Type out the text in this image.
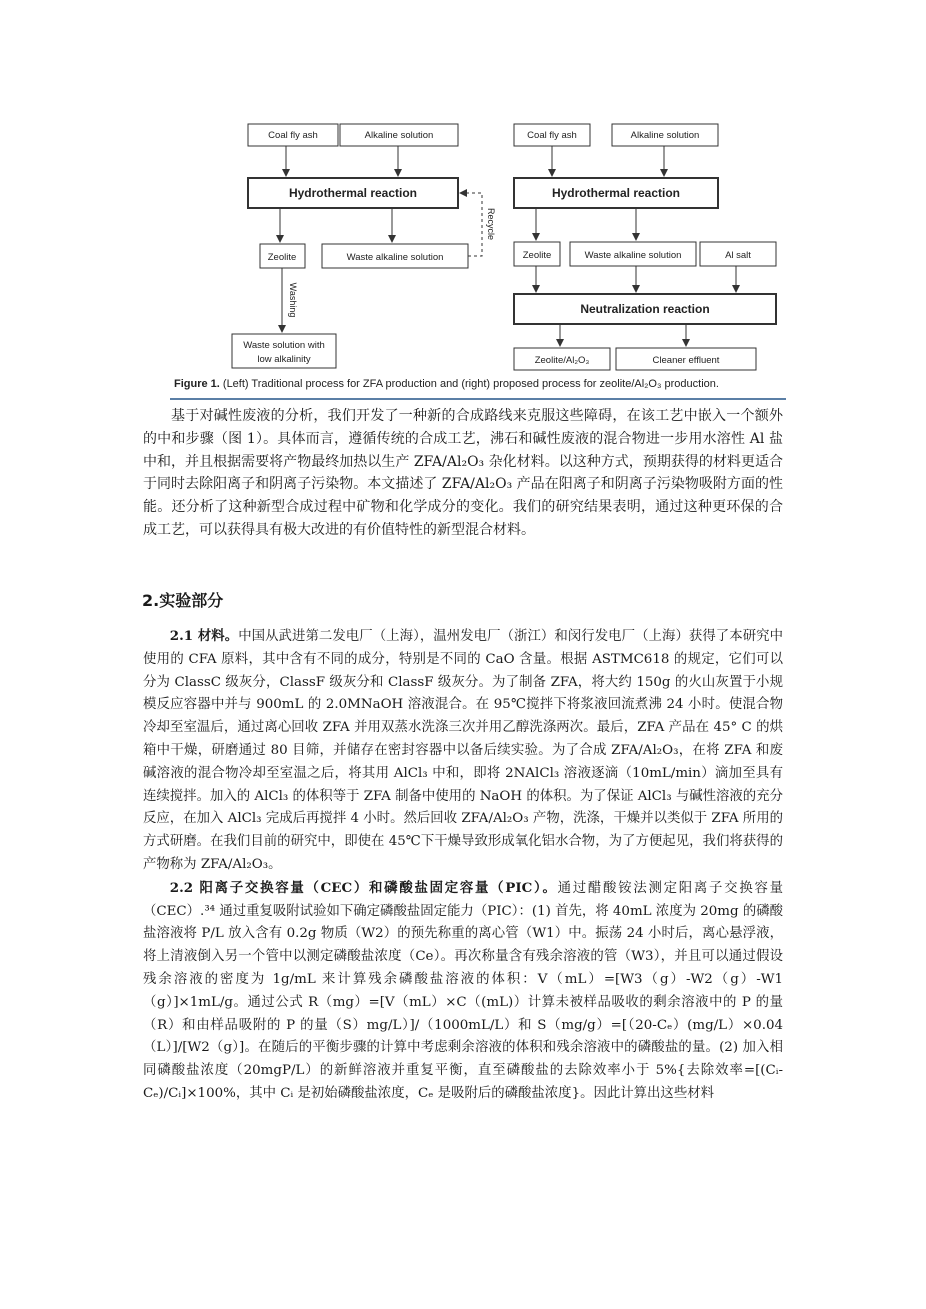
Coal fly ash	Alkaline solution
Hydrothermal reaction
Zeolite	Waste alkaline solution
Waste solution with
low alkalinity
Recycle
Washing
Coal fly ash	Alkaline solution
Hydrothermal reaction
Zeolite	Waste alkaline solution	Al salt
Neutralization reaction
Zeolite/Al₂O₃	Cleaner effluent
Figure 1. (Left) Traditional process for ZFA production and (right) proposed process for zeolite/Al₂O₃ production.

基于对碱性废液的分析，我们开发了一种新的合成路线来克服这些障碍，在该工艺中嵌入一个额外的中和步骤（图 1）。具体而言，遵循传统的合成工艺，沸石和碱性废液的混合物进一步用水溶性 Al 盐中和，并且根据需要将产物最终加热以生产 ZFA/Al₂O₃ 杂化材料。以这种方式，预期获得的材料更适合于同时去除阳离子和阴离子污染物。本文描述了 ZFA/Al₂O₃ 产品在阳离子和阴离子污染物吸附方面的性能。还分析了这种新型合成过程中矿物和化学成分的变化。我们的研究结果表明，通过这种更环保的合成工艺，可以获得具有极大改进的有价值特性的新型混合材料。

2.实验部分

2.1 材料。中国从武进第二发电厂（上海），温州发电厂（浙江）和闵行发电厂（上海）获得了本研究中使用的 CFA 原料，其中含有不同的成分，特别是不同的 CaO 含量。根据 ASTMC618 的规定，它们可以分为 ClassC 级灰分，ClassF 级灰分和 ClassF 级灰分。为了制备 ZFA，将大约 150g 的火山灰置于小规模反应容器中并与 900mL 的 2.0MNaOH 溶液混合。在 95℃搅拌下将浆液回流煮沸 24 小时。使混合物冷却至室温后，通过离心回收 ZFA 并用双蒸水洗涤三次并用乙醇洗涤两次。最后，ZFA 产品在 45° C 的烘箱中干燥，研磨通过 80 目筛，并储存在密封容器中以备后续实验。为了合成 ZFA/Al₂O₃，在将 ZFA 和废碱溶液的混合物冷却至室温之后，将其用 AlCl₃ 中和，即将 2NAlCl₃ 溶液逐滴（10mL/min）滴加至具有连续搅拌。加入的 AlCl₃ 的体积等于 ZFA 制备中使用的 NaOH 的体积。为了保证 AlCl₃ 与碱性溶液的充分反应，在加入 AlCl₃ 完成后再搅拌 4 小时。然后回收 ZFA/Al₂O₃ 产物，洗涤，干燥并以类似于 ZFA 所用的方式研磨。在我们目前的研究中，即使在 45℃下干燥导致形成氧化铝水合物，为了方便起见，我们将获得的产物称为 ZFA/Al₂O₃。

2.2 阳离子交换容量（CEC）和磷酸盐固定容量（PIC）。通过醋酸铵法测定阳离子交换容量（CEC）.³⁴ 通过重复吸附试验如下确定磷酸盐固定能力（PIC）：(1) 首先，将 40mL 浓度为 20mg 的磷酸盐溶液将 P/L 放入含有 0.2g 物质（W2）的预先称重的离心管（W1）中。振荡 24 小时后，离心悬浮液，将上清液倒入另一个管中以测定磷酸盐浓度（Ce）。再次称量含有残余溶液的管（W3），并且可以通过假设残余溶液的密度为 1g/mL 来计算残余磷酸盐溶液的体积：V（mL）=[W3（g）-W2（g）-W1（g）]×1mL/g。通过公式 R（mg）=[V（mL）×C（(mL)）计算未被样品吸收的剩余溶液中的 P 的量（R）和由样品吸附的 P 的量（S）mg/L）]/（1000mL/L）和 S（mg/g）=[（20-Cₑ）(mg/L）×0.04（L）]/[W2（g）]。在随后的平衡步骤的计算中考虑剩余溶液的体积和残余溶液中的磷酸盐的量。(2) 加入相同磷酸盐浓度（20mgP/L）的新鲜溶液并重复平衡，直至磷酸盐的去除效率小于 5%{去除效率=[(Cᵢ-Cₑ)/Cᵢ]×100%，其中 Cᵢ 是初始磷酸盐浓度，Cₑ 是吸附后的磷酸盐浓度}。因此计算出这些材料
